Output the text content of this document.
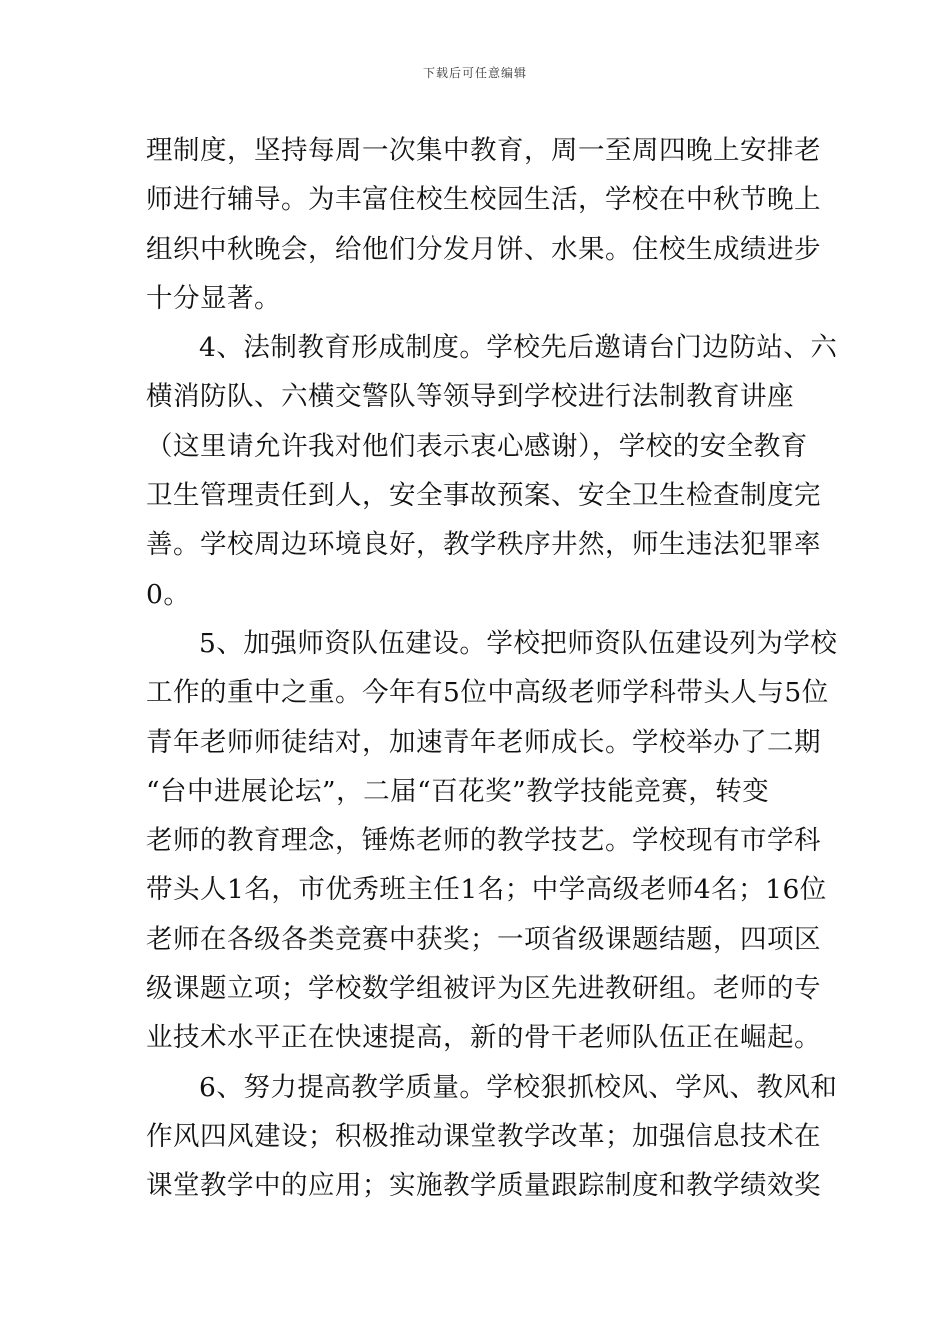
下载后可任意编辑
理制度，坚持每周一次集中教育，周一至周四晚上安排老
师进行辅导。为丰富住校生校园生活，学校在中秋节晚上
组织中秋晚会，给他们分发月饼、水果。住校生成绩进步
十分显著。
4、法制教育形成制度。学校先后邀请台门边防站、六
横消防队、六横交警队等领导到学校进行法制教育讲座
（这里请允许我对他们表示衷心感谢），学校的安全教育
卫生管理责任到人，安全事故预案、安全卫生检查制度完
善。学校周边环境良好，教学秩序井然，师生违法犯罪率
0。
5、加强师资队伍建设。学校把师资队伍建设列为学校
工作的重中之重。今年有5位中高级老师学科带头人与5位
青年老师师徒结对，加速青年老师成长。学校举办了二期
“台中进展论坛”，二届“百花奖”教学技能竞赛，转变
老师的教育理念，锤炼老师的教学技艺。学校现有市学科
带头人1名，市优秀班主任1名；中学高级老师4名；16位
老师在各级各类竞赛中获奖；一项省级课题结题，四项区
级课题立项；学校数学组被评为区先进教研组。老师的专
业技术水平正在快速提高，新的骨干老师队伍正在崛起。
6、努力提高教学质量。学校狠抓校风、学风、教风和
作风四风建设；积极推动课堂教学改革；加强信息技术在
课堂教学中的应用；实施教学质量跟踪制度和教学绩效奖
